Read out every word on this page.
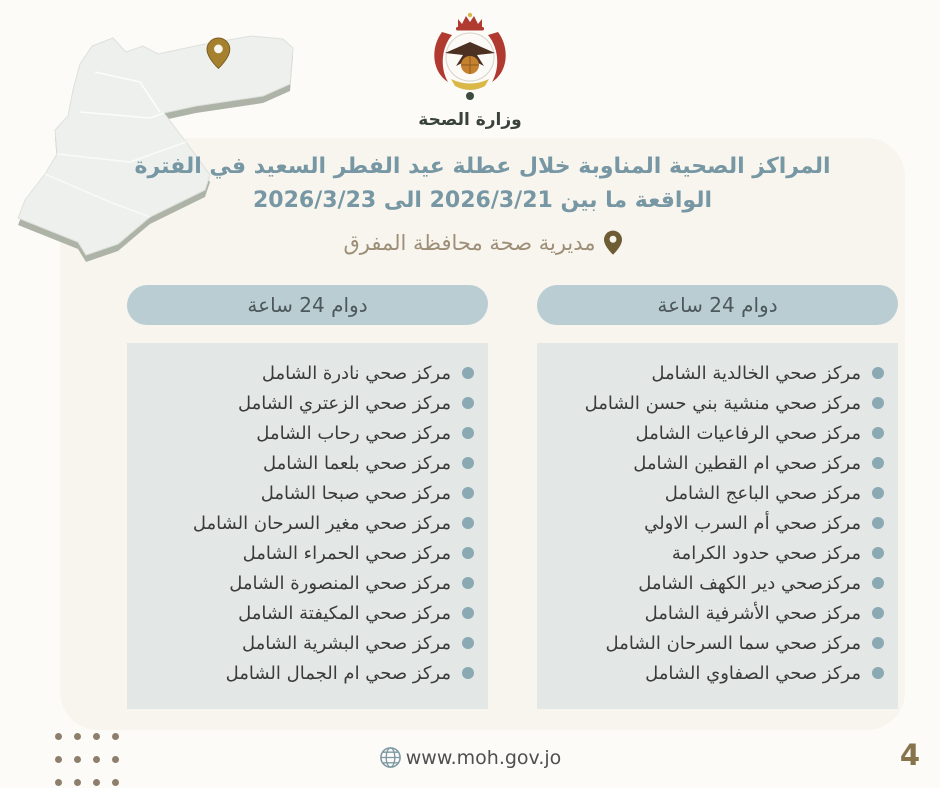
وزارة الصحة
المراكز الصحية المناوبة خلال عطلة عيد الفطر السعيد في الفترة
الواقعة ما بين 2026/3/21 الى 2026/3/23
مديرية صحة محافظة المفرق
دوام 24 ساعة
مركز صحي الخالدية الشامل
مركز صحي منشية بني حسن الشامل
مركز صحي الرفاعيات الشامل
مركز صحي ام القطين الشامل
مركز صحي الباعج الشامل
مركز صحي أم السرب الاولي
مركز صحي حدود الكرامة
مركزصحي دير الكهف الشامل
مركز صحي الأشرفية الشامل
مركز صحي سما السرحان الشامل
مركز صحي الصفاوي الشامل
دوام 24 ساعة
مركز صحي نادرة الشامل
مركز صحي الزعتري الشامل
مركز صحي رحاب الشامل
مركز صحي بلعما الشامل
مركز صحي صبحا الشامل
مركز صحي مغير السرحان الشامل
مركز صحي الحمراء الشامل
مركز صحي المنصورة الشامل
مركز صحي المكيفتة الشامل
مركز صحي البشرية الشامل
مركز صحي ام الجمال الشامل
www.moh.gov.jo	4
